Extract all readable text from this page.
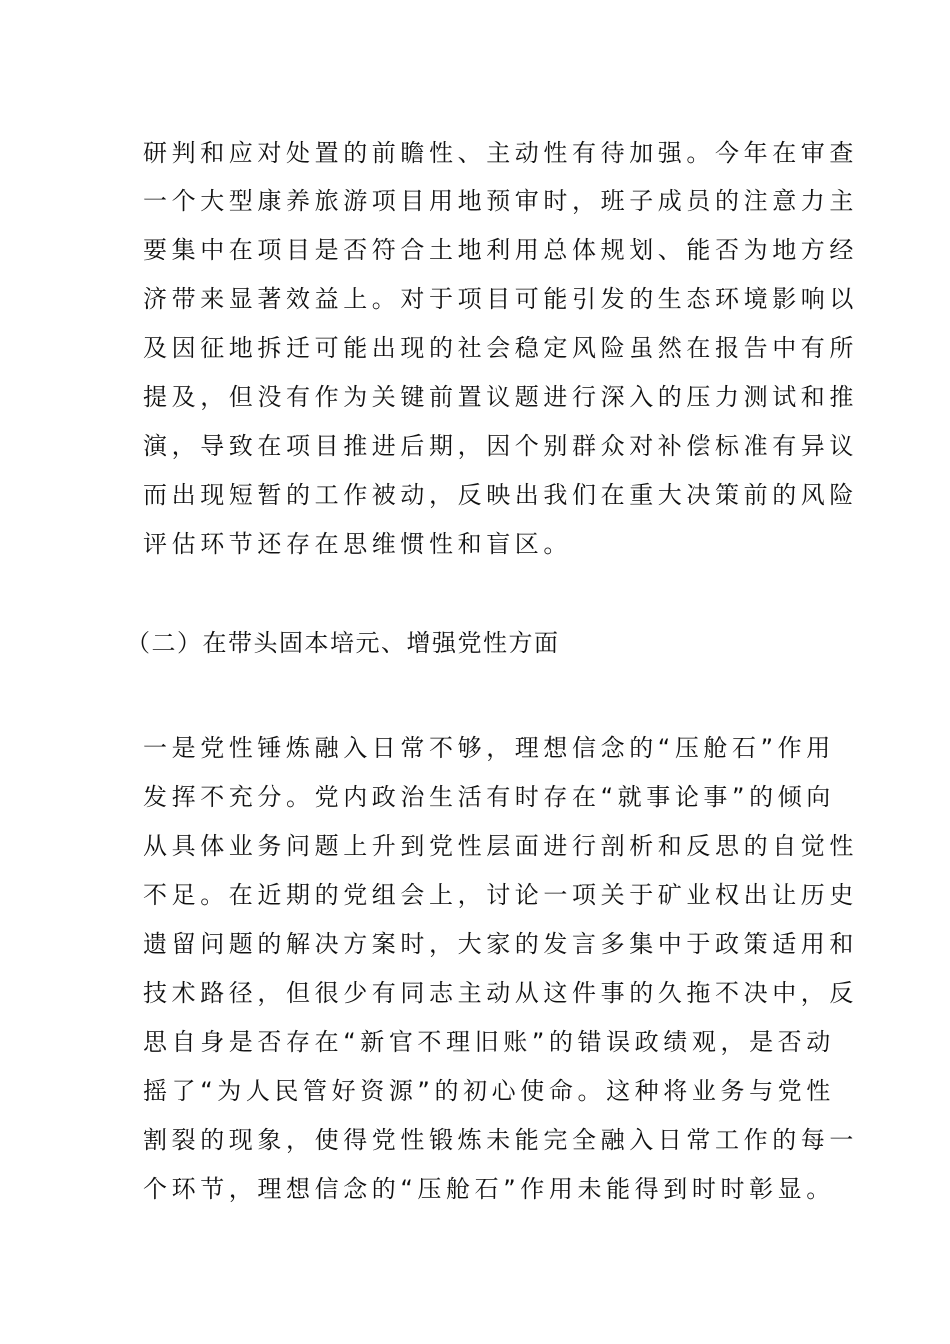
研判和应对处置的前瞻性、主动性有待加强。今年在审查
一个大型康养旅游项目用地预审时，班子成员的注意力主
要集中在项目是否符合土地利用总体规划、能否为地方经
济带来显著效益上。对于项目可能引发的生态环境影响以
及因征地拆迁可能出现的社会稳定风险虽然在报告中有所
提及，但没有作为关键前置议题进行深入的压力测试和推
演，导致在项目推进后期，因个别群众对补偿标准有异议
而出现短暂的工作被动，反映出我们在重大决策前的风险
评估环节还存在思维惯性和盲区。
（二）在带头固本培元、增强党性方面
一是党性锤炼融入日常不够，理想信念的“压舱石”作用
发挥不充分。党内政治生活有时存在“就事论事”的倾向
从具体业务问题上升到党性层面进行剖析和反思的自觉性
不足。在近期的党组会上，讨论一项关于矿业权出让历史
遗留问题的解决方案时，大家的发言多集中于政策适用和
技术路径，但很少有同志主动从这件事的久拖不决中，反
思自身是否存在“新官不理旧账”的错误政绩观，是否动
摇了“为人民管好资源”的初心使命。这种将业务与党性
割裂的现象，使得党性锻炼未能完全融入日常工作的每一
个环节，理想信念的“压舱石”作用未能得到时时彰显。
